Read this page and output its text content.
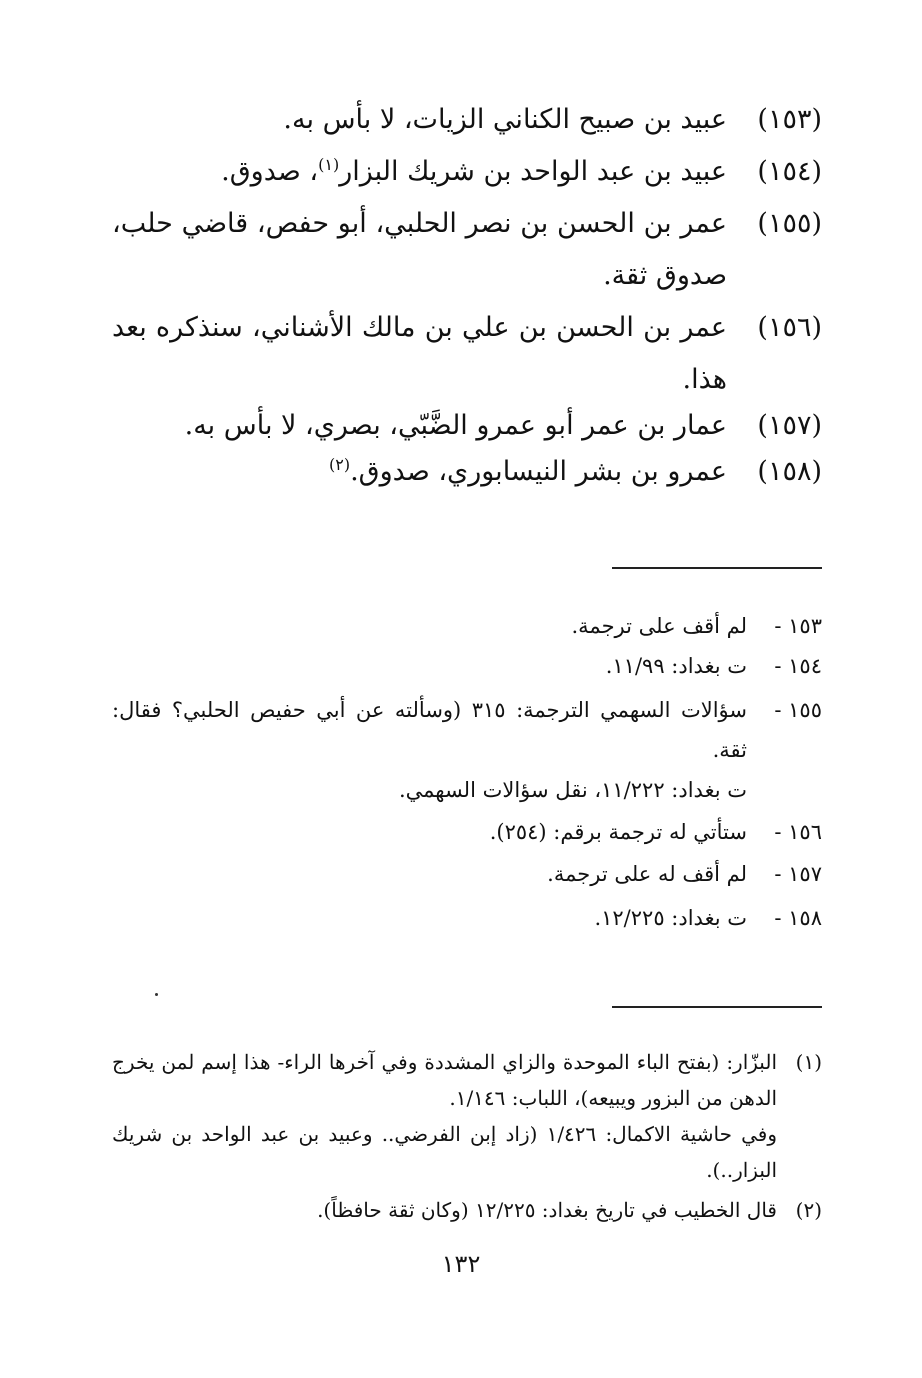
(١٥٣)
عبيد بن صبيح الكناني الزيات، لا بأس به.
(١٥٤)
عبيد بن عبد الواحد بن شريك البزار$^{(١)}$، صدوق.
(١٥٥)
عمر بن الحسن بن نصر الحلبي، أبو حفص، قاضي حلب، صدوق ثقة.
(١٥٦)
عمر بن الحسن بن علي بن مالك الأشناني، سنذكره بعد هذا.
(١٥٧)
عمار بن عمر أبو عمرو الضَّبّي، بصري، لا بأس به.
(١٥٨)
عمرو بن بشر النيسابوري، صدوق.$^{(٢)}$
١٥٣ -
لم أقف على ترجمة.
١٥٤ -
ت بغداد: ١١/٩٩.
١٥٥ -
سؤالات السهمي الترجمة: ٣١٥ (وسألته عن أبي حفيص الحلبي؟ فقال: ثقة.
ت بغداد: ١١/٢٢٢، نقل سؤالات السهمي.
١٥٦ -
ستأتي له ترجمة برقم: (٢٥٤).
١٥٧ -
لم أقف له على ترجمة.
١٥٨ -
ت بغداد: ١٢/٢٢٥.
(١)
البزّار: (بفتح الباء الموحدة والزاي المشددة وفي آخرها الراء- هذا إسم لمن يخرج الدهن من البزور ويبيعه)، اللباب: ١/١٤٦.
وفي حاشية الاكمال: ١/٤٢٦ (زاد إبن الفرضي.. وعبيد بن عبد الواحد بن شريك البزار..).
(٢)
قال الخطيب في تاريخ بغداد: ١٢/٢٢٥ (وكان ثقة حافظاً).
١٣٢
